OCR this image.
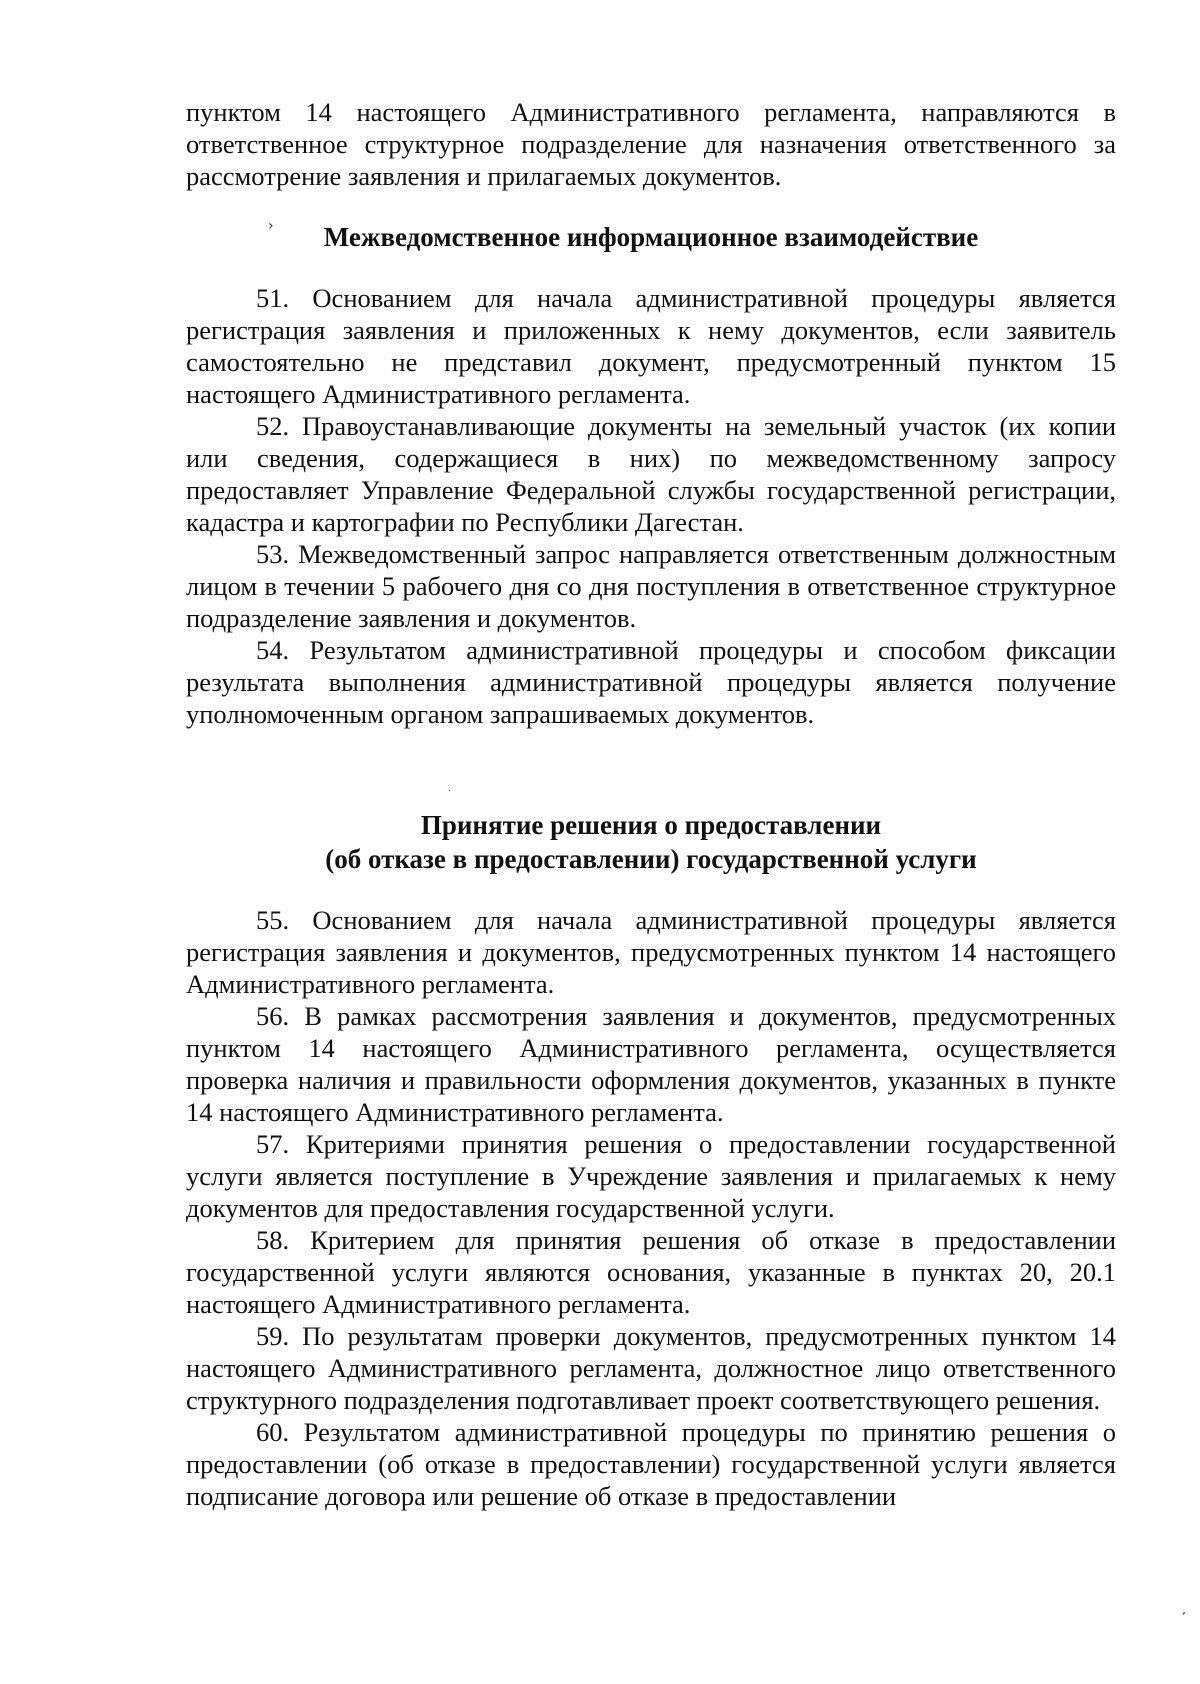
пунктом 14 настоящего Административного регламента, направляются в ответственное структурное подразделение для назначения ответственного за рассмотрение заявления и прилагаемых документов.

Межведомственное информационное взаимодействие

51. Основанием для начала административной процедуры является регистрация заявления и приложенных к нему документов, если заявитель самостоятельно не представил документ, предусмотренный пунктом 15 настоящего Административного регламента.

52. Правоустанавливающие документы на земельный участок (их копии или сведения, содержащиеся в них) по межведомственному запросу предоставляет Управление Федеральной службы государственной регистрации, кадастра и картографии по Республики Дагестан.

53. Межведомственный запрос направляется ответственным должностным лицом в течении 5 рабочего дня со дня поступления в ответственное структурное подразделение заявления и документов.

54. Результатом административной процедуры и способом фиксации результата выполнения административной процедуры является получение уполномоченным органом запрашиваемых документов.

Принятие решения о предоставлении
(об отказе в предоставлении) государственной услуги

55. Основанием для начала административной процедуры является регистрация заявления и документов, предусмотренных пунктом 14 настоящего Административного регламента.

56. В рамках рассмотрения заявления и документов, предусмотренных пунктом 14 настоящего Административного регламента, осуществляется проверка наличия и правильности оформления документов, указанных в пункте 14 настоящего Административного регламента.

57. Критериями принятия решения о предоставлении государственной услуги является поступление в Учреждение заявления и прилагаемых к нему документов для предоставления государственной услуги.

58. Критерием для принятия решения об отказе в предоставлении государственной услуги являются основания, указанные в пунктах 20, 20.1 настоящего Административного регламента.

59. По результатам проверки документов, предусмотренных пунктом 14 настоящего Административного регламента, должностное лицо ответственного структурного подразделения подготавливает проект соответствующего решения.

60. Результатом административной процедуры по принятию решения о предоставлении (об отказе в предоставлении) государственной услуги является подписание договора или решение об отказе в предоставлении

›
·
’
